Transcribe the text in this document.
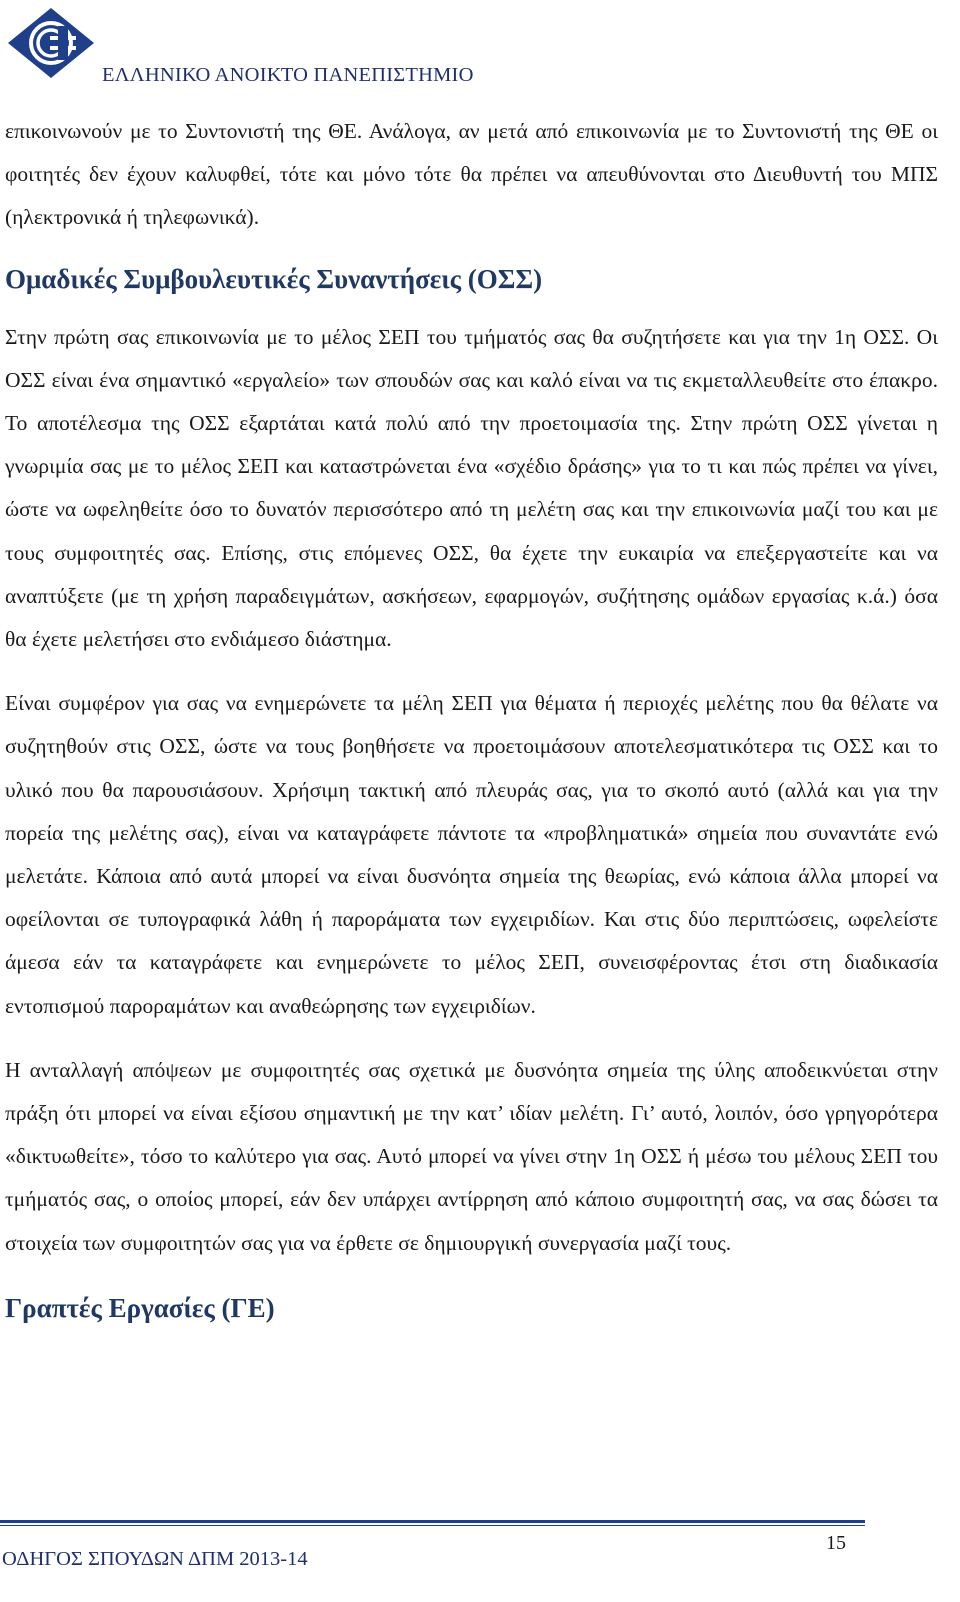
ΕΛΛΗΝΙΚΟ ΑΝΟΙΚΤΟ ΠΑΝΕΠΙΣΤΗΜΙΟ

επικοινωνούν με το Συντονιστή της ΘΕ. Ανάλογα, αν μετά από επικοινωνία με το Συντονιστή της ΘΕ οι φοιτητές δεν έχουν καλυφθεί, τότε και μόνο τότε θα πρέπει να απευθύνονται στο Διευθυντή του ΜΠΣ (ηλεκτρονικά ή τηλεφωνικά).

Ομαδικές Συμβουλευτικές Συναντήσεις (ΟΣΣ)

Στην πρώτη σας επικοινωνία με το μέλος ΣΕΠ του τμήματός σας θα συζητήσετε και για την 1η ΟΣΣ. Οι ΟΣΣ είναι ένα σημαντικό «εργαλείο» των σπουδών σας και καλό είναι να τις εκμεταλλευθείτε στο έπακρο. Το αποτέλεσμα της ΟΣΣ εξαρτάται κατά πολύ από την προετοιμασία της. Στην πρώτη ΟΣΣ γίνεται η γνωριμία σας με το μέλος ΣΕΠ και καταστρώνεται ένα «σχέδιο δράσης» για το τι και πώς πρέπει να γίνει, ώστε να ωφεληθείτε όσο το δυνατόν περισσότερο από τη μελέτη σας και την επικοινωνία μαζί του και με τους συμφοιτητές σας. Επίσης, στις επόμενες ΟΣΣ, θα έχετε την ευκαιρία να επεξεργαστείτε και να αναπτύξετε (με τη χρήση παραδειγμάτων, ασκήσεων, εφαρμογών, συζήτησης ομάδων εργασίας κ.ά.) όσα θα έχετε μελετήσει στο ενδιάμεσο διάστημα.

Είναι συμφέρον για σας να ενημερώνετε τα μέλη ΣΕΠ για θέματα ή περιοχές μελέτης που θα θέλατε να συζητηθούν στις ΟΣΣ, ώστε να τους βοηθήσετε να προετοιμάσουν αποτελεσματικότερα τις ΟΣΣ και το υλικό που θα παρουσιάσουν. Χρήσιμη τακτική από πλευράς σας, για το σκοπό αυτό (αλλά και για την πορεία της μελέτης σας), είναι να καταγράφετε πάντοτε τα «προβληματικά» σημεία που συναντάτε ενώ μελετάτε. Κάποια από αυτά μπορεί να είναι δυσνόητα σημεία της θεωρίας, ενώ κάποια άλλα μπορεί να οφείλονται σε τυπογραφικά λάθη ή παροράματα των εγχειριδίων. Και στις δύο περιπτώσεις, ωφελείστε άμεσα εάν τα καταγράφετε και ενημερώνετε το μέλος ΣΕΠ, συνεισφέροντας έτσι στη διαδικασία εντοπισμού παροραμάτων και αναθεώρησης των εγχειριδίων.

Η ανταλλαγή απόψεων με συμφοιτητές σας σχετικά με δυσνόητα σημεία της ύλης αποδεικνύεται στην πράξη ότι μπορεί να είναι εξίσου σημαντική με την κατ’ ιδίαν μελέτη. Γι’ αυτό, λοιπόν, όσο γρηγορότερα «δικτυωθείτε», τόσο το καλύτερο για σας. Αυτό μπορεί να γίνει στην 1η ΟΣΣ ή μέσω του μέλους ΣΕΠ του τμήματός σας, ο οποίος μπορεί, εάν δεν υπάρχει αντίρρηση από κάποιο συμφοιτητή σας, να σας δώσει τα στοιχεία των συμφοιτητών σας για να έρθετε σε δημιουργική συνεργασία μαζί τους.

Γραπτές Εργασίες (ΓΕ)
15
ΟΔΗΓΟΣ ΣΠΟΥΔΩΝ ΔΠΜ 2013-14
